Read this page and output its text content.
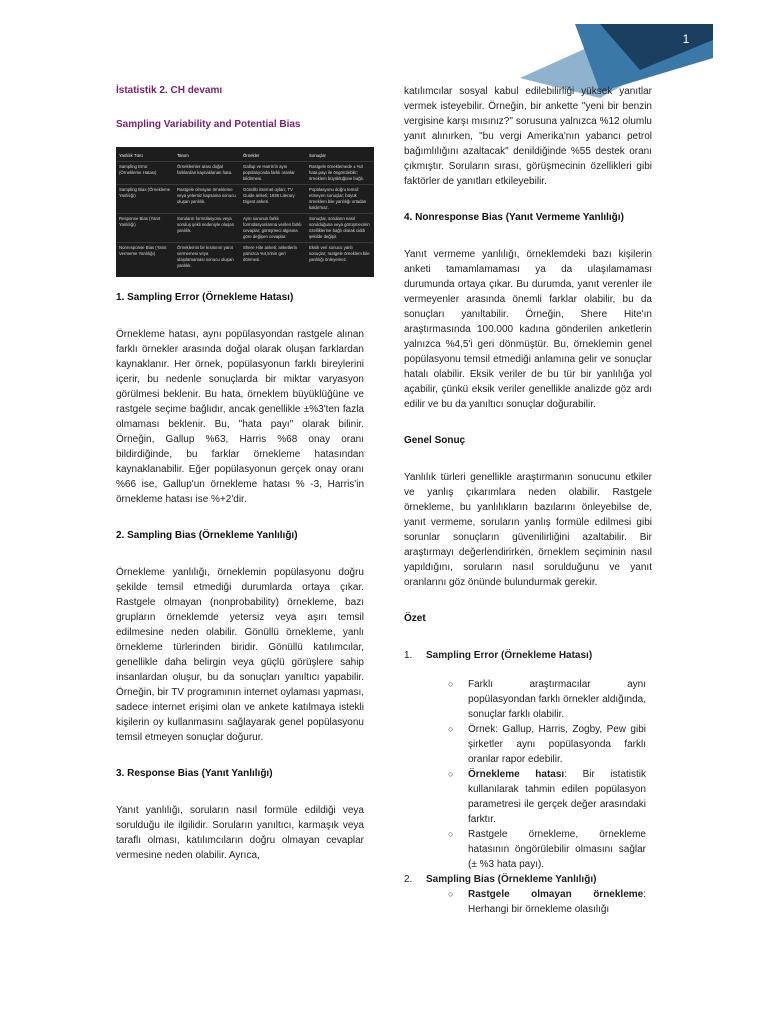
1

İstatistik 2. CH devamı

Sampling Variability and Potential Bias

Yanlılık Türü	Tanım	Örnekler	Sonuçlar
Sampling Error (Örnekleme Hatası)	Örneklemler arası doğal farklardan kaynaklanan hata.	Gallup ve Harris'in aynı popülasyonda farklı oranlar bildirmesi.	Rastgele örneklemede ± %3 hata payı ile öngörülebilir; örneklem büyüklüğüne bağlı.
Sampling Bias (Örnekleme Yanlılığı)	Rastgele olmayan örnekleme veya yetersiz kapsama sonucu oluşan yanlılık.	Gönüllü internet oyları; TV Guide anketi; 1936 Literary Digest anketi.	Popülasyonu doğru temsil etmeyen sonuçlar; büyük örneklem bile yanlılığı ortadan kaldırmaz.
Response Bias (Yanıt Yanlılığı)	Soruların formülasyonu veya soruluş şekli nedeniyle oluşan yanlılık.	Aynı sorunun farklı formülasyonlarına verilen farklı cevaplar; görüşmeci algısına göre değişen cevaplar.	Sonuçlar, soruların nasıl sorulduğuna veya görüşmecinin özelliklerine bağlı olarak ciddi şekilde değişir.
Nonresponse Bias (Yanıt Vermeme Yanlılığı)	Örneklemin bir kısmının yanıt vermemesi veya ulaşılamaması sonucu oluşan yanlılık.	Shere Hite anketi; anketlerin yalnızca %4,5'inin geri dönmesi.	Eksik veri sonucu yanlı sonuçlar; rastgele örneklem bile yanlılığı önleyemez.

1. Sampling Error (Örnekleme Hatası)

Örnekleme hatası, aynı popülasyondan rastgele alınan farklı örnekler arasında doğal olarak oluşan farklardan kaynaklanır. Her örnek, popülasyonun farklı bireylerini içerir, bu nedenle sonuçlarda bir miktar varyasyon görülmesi beklenir. Bu hata, örneklem büyüklüğüne ve rastgele seçime bağlıdır, ancak genellikle ±%3'ten fazla olmaması beklenir. Bu, "hata payı" olarak bilinir. Örneğin, Gallup %63, Harris %68 onay oranı bildirdiğinde, bu farklar örnekleme hatasından kaynaklanabilir. Eğer popülasyonun gerçek onay oranı %66 ise, Gallup'un örnekleme hatası % -3, Harris'in örnekleme hatası ise %+2'dir.

2. Sampling Bias (Örnekleme Yanlılığı)

Örnekleme yanlılığı, örneklemin popülasyonu doğru şekilde temsil etmediği durumlarda ortaya çıkar. Rastgele olmayan (nonprobability) örnekleme, bazı grupların örneklemde yetersiz veya aşırı temsil edilmesine neden olabilir. Gönüllü örnekleme, yanlı örnekleme türlerinden biridir. Gönüllü katılımcılar, genellikle daha belirgin veya güçlü görüşlere sahip insanlardan oluşur, bu da sonuçları yanıltıcı yapabilir. Örneğin, bir TV programının internet oylaması yapması, sadece internet erişimi olan ve ankete katılmaya istekli kişilerin oy kullanmasını sağlayarak genel popülasyonu temsil etmeyen sonuçlar doğurur.

3. Response Bias (Yanıt Yanlılığı)

Yanıt yanlılığı, soruların nasıl formüle edildiği veya sorulduğu ile ilgilidir. Soruların yanıltıcı, karmaşık veya taraflı olması, katılımcıların doğru olmayan cevaplar vermesine neden olabilir. Ayrıca,

katılımcılar sosyal kabul edilebilirliği yüksek yanıtlar vermek isteyebilir. Örneğin, bir ankette "yeni bir benzin vergisine karşı mısınız?" sorusuna yalnızca %12 olumlu yanıt alınırken, "bu vergi Amerika'nın yabancı petrol bağımlılığını azaltacak" denildiğinde %55 destek oranı çıkmıştır. Soruların sırası, görüşmecinin özellikleri gibi faktörler de yanıtları etkileyebilir.

4. Nonresponse Bias (Yanıt Vermeme Yanlılığı)

Yanıt vermeme yanlılığı, örneklemdeki bazı kişilerin anketi tamamlamaması ya da ulaşılamaması durumunda ortaya çıkar. Bu durumda, yanıt verenler ile vermeyenler arasında önemli farklar olabilir, bu da sonuçları yanıltabilir. Örneğin, Shere Hite'ın araştırmasında 100.000 kadına gönderilen anketlerin yalnızca %4,5'i geri dönmüştür. Bu, örneklemin genel popülasyonu temsil etmediği anlamına gelir ve sonuçlar hatalı olabilir. Eksik veriler de bu tür bir yanlılığa yol açabilir, çünkü eksik veriler genellikle analizde göz ardı edilir ve bu da yanıltıcı sonuçlar doğurabilir.

Genel Sonuç

Yanlılık türleri genellikle araştırmanın sonucunu etkiler ve yanlış çıkarımlara neden olabilir. Rastgele örnekleme, bu yanlılıkların bazılarını önleyebilse de, yanıt vermeme, soruların yanlış formüle edilmesi gibi sorunlar sonuçların güvenilirliğini azaltabilir. Bir araştırmayı değerlendirirken, örneklem seçiminin nasıl yapıldığını, soruların nasıl sorulduğunu ve yanıt oranlarını göz önünde bulundurmak gerekir.

Özet

1.	Sampling Error (Örnekleme Hatası)
○	Farklı araştırmacılar aynı popülasyondan farklı örnekler aldığında, sonuçlar farklı olabilir.
○	Örnek: Gallup, Harris, Zogby, Pew gibi şirketler aynı popülasyonda farklı oranlar rapor edebilir.
○	Örnekleme hatası: Bir istatistik kullanılarak tahmin edilen popülasyon parametresi ile gerçek değer arasındaki farktır.
○	Rastgele örnekleme, örnekleme hatasının öngörülebilir olmasını sağlar (± %3 hata payı).
2.	Sampling Bias (Örnekleme Yanlılığı)
○	Rastgele olmayan örnekleme: Herhangi bir örnekleme olasılığı
